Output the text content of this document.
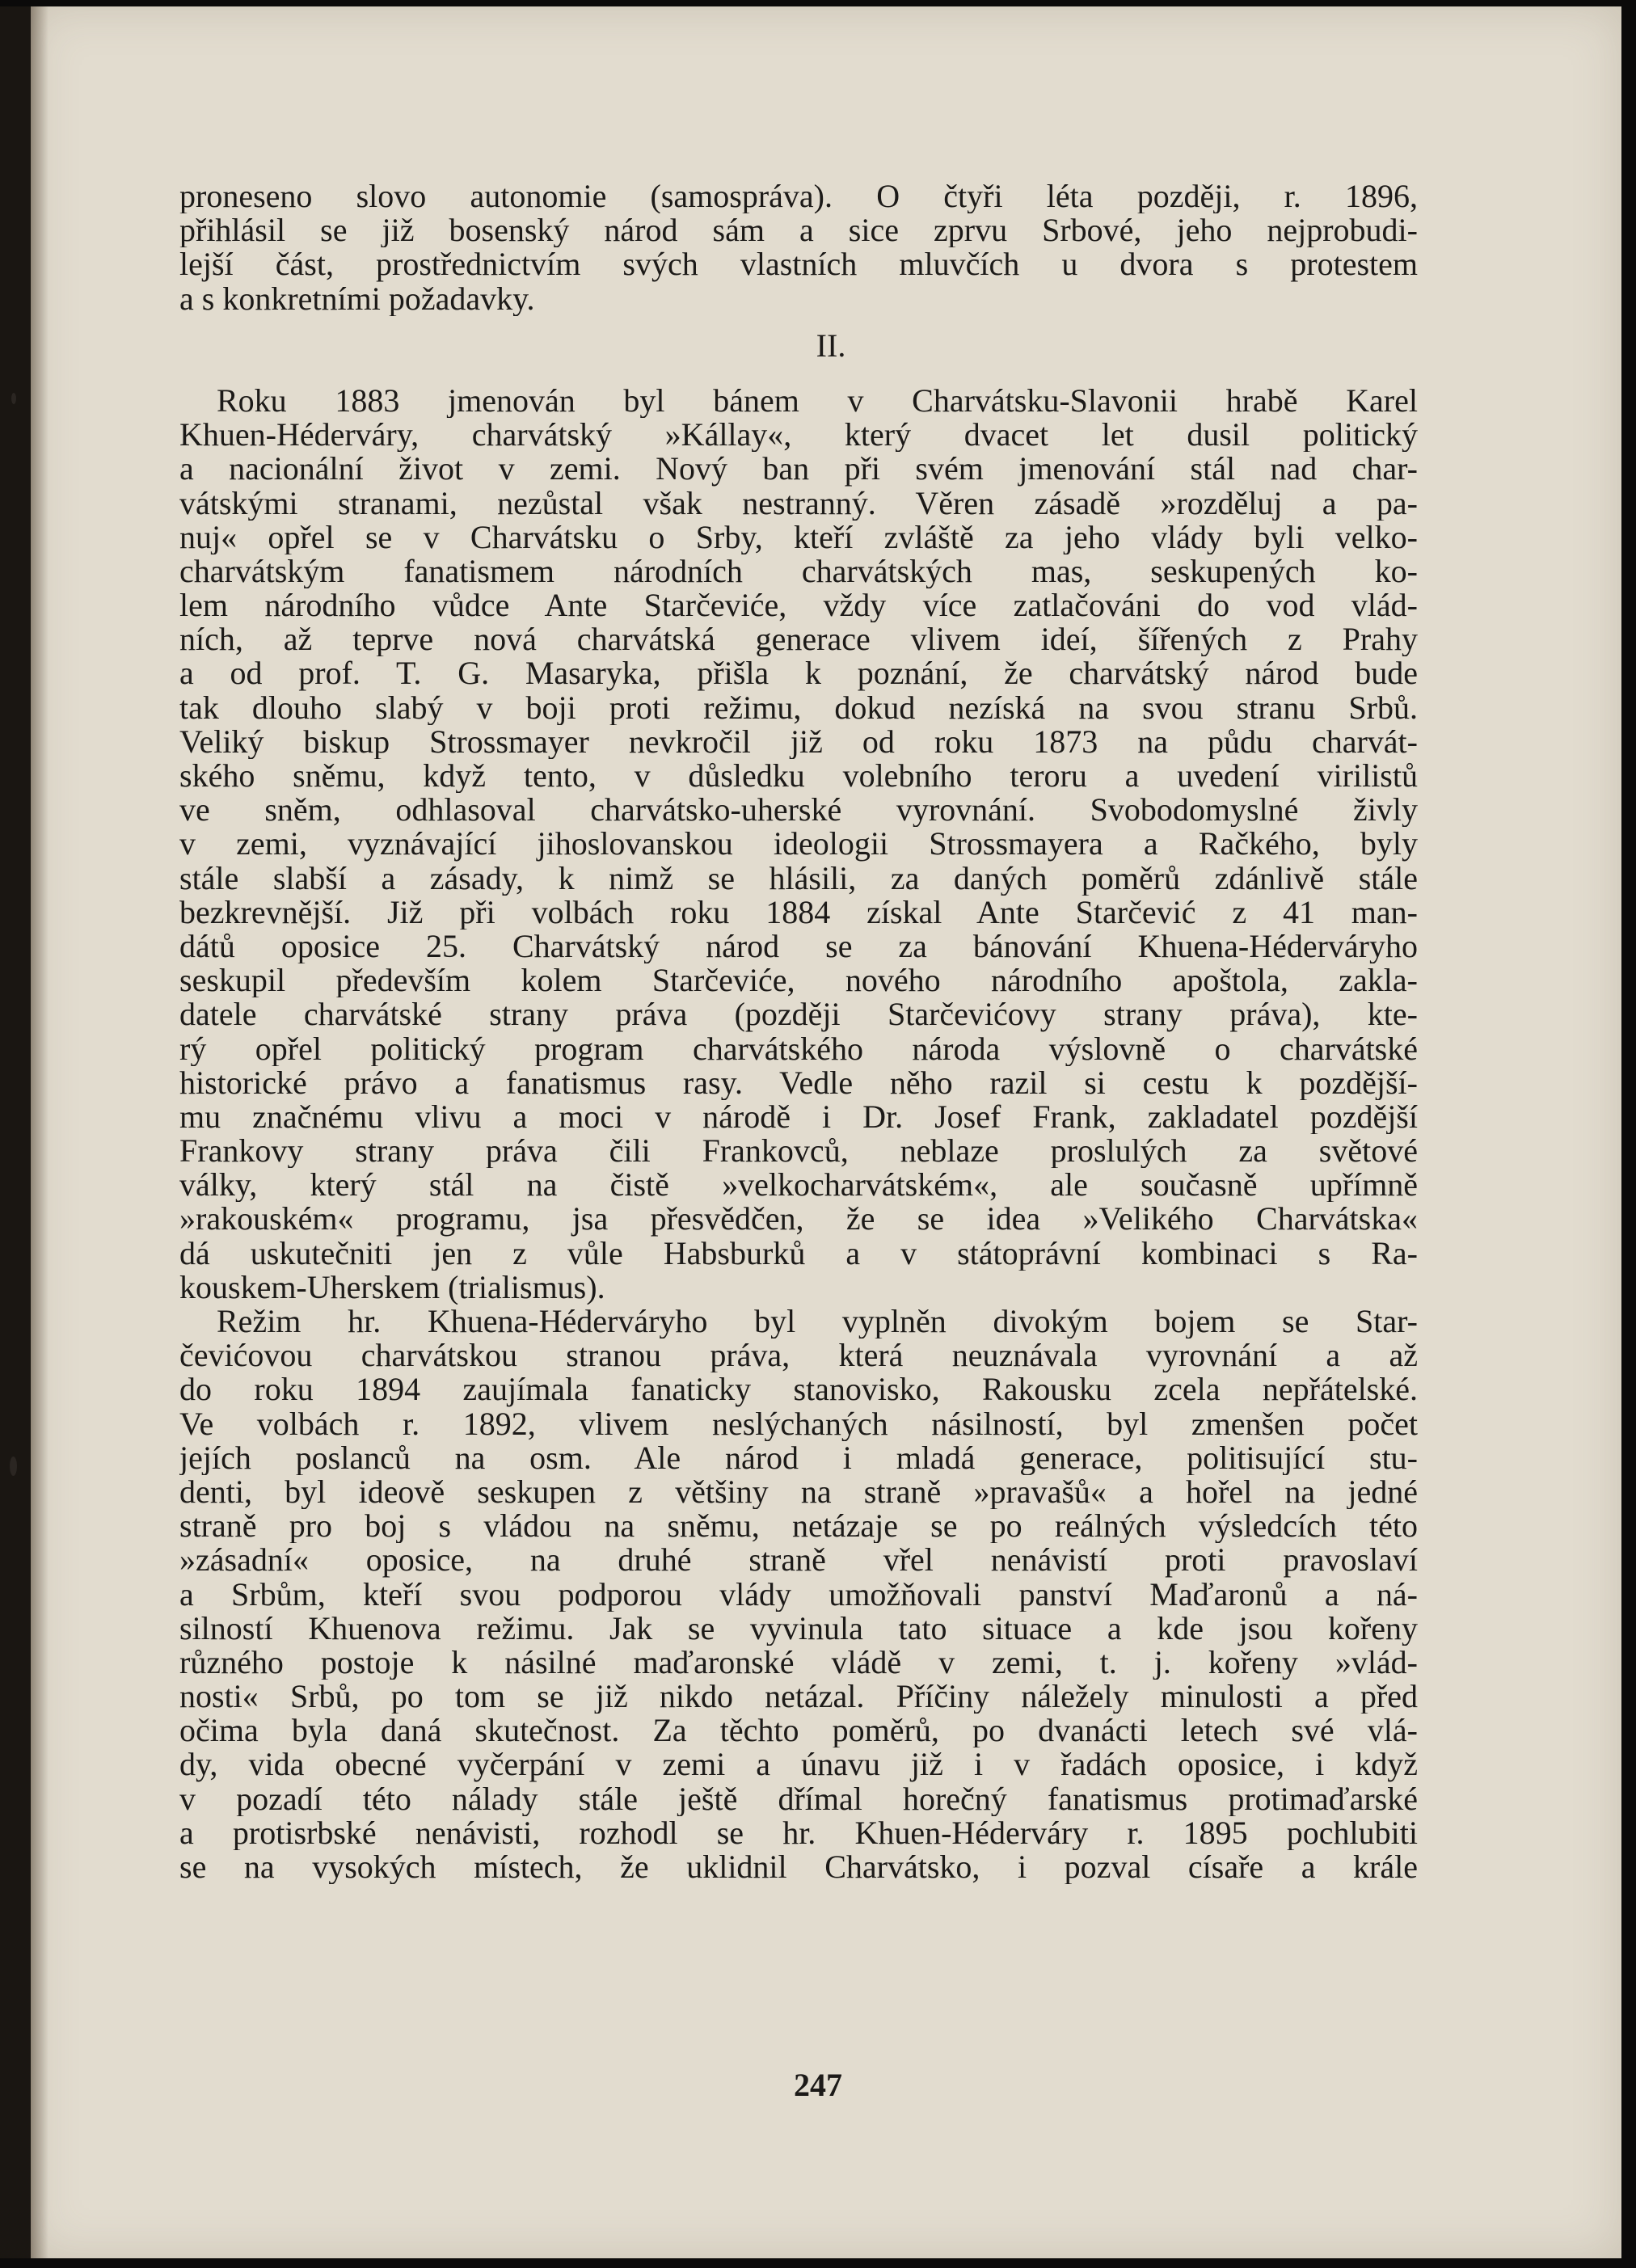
proneseno slovo autonomie (samospráva). O čtyři léta později, r. 1896,
přihlásil se již bosenský národ sám a sice zprvu Srbové, jeho nejprobudi-
lejší část, prostřednictvím svých vlastních mluvčích u dvora s protestem
a s konkretními požadavky.
II.
Roku 1883 jmenován byl bánem v Charvátsku-Slavonii hrabě Karel
Khuen-Héderváry, charvátský »Kállay«, který dvacet let dusil politický
a nacionální život v zemi. Nový ban při svém jmenování stál nad char-
vátskými stranami, nezůstal však nestranný. Věren zásadě »rozděluj a pa-
nuj« opřel se v Charvátsku o Srby, kteří zvláště za jeho vlády byli velko-
charvátským fanatismem národních charvátských mas, seskupených ko-
lem národního vůdce Ante Starčeviće, vždy více zatlačováni do vod vlád-
ních, až teprve nová charvátská generace vlivem ideí, šířených z Prahy
a od prof. T. G. Masaryka, přišla k poznání, že charvátský národ bude
tak dlouho slabý v boji proti režimu, dokud nezíská na svou stranu Srbů.
Veliký biskup Strossmayer nevkročil již od roku 1873 na půdu charvát-
ského sněmu, když tento, v důsledku volebního teroru a uvedení virilistů
ve sněm, odhlasoval charvátsko-uherské vyrovnání. Svobodomyslné živly
v zemi, vyznávající jihoslovanskou ideologii Strossmayera a Račkého, byly
stále slabší a zásady, k nimž se hlásili, za daných poměrů zdánlivě stále
bezkrevnější. Již při volbách roku 1884 získal Ante Starčević z 41 man-
dátů oposice 25. Charvátský národ se za bánování Khuena-Héderváryho
seskupil především kolem Starčeviće, nového národního apoštola, zakla-
datele charvátské strany práva (později Starčevićovy strany práva), kte-
rý opřel politický program charvátského národa výslovně o charvátské
historické právo a fanatismus rasy. Vedle něho razil si cestu k pozdější-
mu značnému vlivu a moci v národě i Dr. Josef Frank, zakladatel pozdější
Frankovy strany práva čili Frankovců, neblaze proslulých za světové
války, který stál na čistě »velkocharvátském«, ale současně upřímně
»rakouském« programu, jsa přesvědčen, že se idea »Velikého Charvátska«
dá uskutečniti jen z vůle Habsburků a v státoprávní kombinaci s Ra-
kouskem-Uherskem (trialismus).
Režim hr. Khuena-Héderváryho byl vyplněn divokým bojem se Star-
čevićovou charvátskou stranou práva, která neuznávala vyrovnání a až
do roku 1894 zaujímala fanaticky stanovisko, Rakousku zcela nepřátelské.
Ve volbách r. 1892, vlivem neslýchaných násilností, byl zmenšen počet
jejích poslanců na osm. Ale národ i mladá generace, politisující stu-
denti, byl ideově seskupen z většiny na straně »pravašů« a hořel na jedné
straně pro boj s vládou na sněmu, netázaje se po reálných výsledcích této
»zásadní« oposice, na druhé straně vřel nenávistí proti pravoslaví
a Srbům, kteří svou podporou vlády umožňovali panství Maďaronů a ná-
silností Khuenova režimu. Jak se vyvinula tato situace a kde jsou kořeny
různého postoje k násilné maďaronské vládě v zemi, t. j. kořeny »vlád-
nosti« Srbů, po tom se již nikdo netázal. Příčiny náležely minulosti a před
očima byla daná skutečnost. Za těchto poměrů, po dvanácti letech své vlá-
dy, vida obecné vyčerpání v zemi a únavu již i v řadách oposice, i když
v pozadí této nálady stále ještě dřímal horečný fanatismus protimaďarské
a protisrbské nenávisti, rozhodl se hr. Khuen-Héderváry r. 1895 pochlubiti
se na vysokých místech, že uklidnil Charvátsko, i pozval císaře a krále
247
